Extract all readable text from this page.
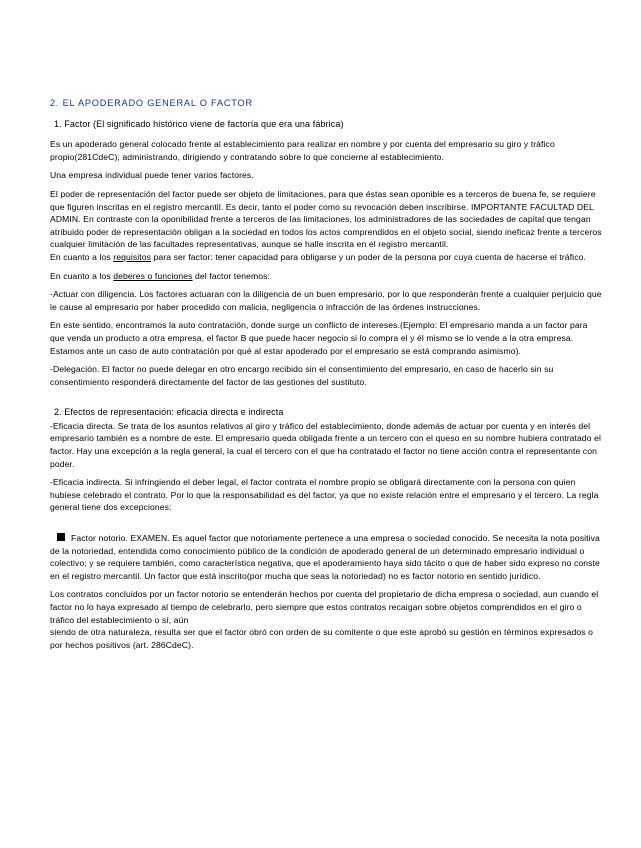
2. EL APODERADO GENERAL O FACTOR

1. Factor (El significado histórico viene de factoría que era una fábrica)

Es un apoderado general colocado frente al establecimiento para realizar en nombre y por cuenta del empresario su giro y tráfico propio(281CdeC), administrando, dirigiendo y contratando sobre lo que concierne al establecimiento.

Una empresa individual puede tener varios factores.

El poder de representación del factor puede ser objeto de limitaciones, para que éstas sean oponible es a terceros de buena fe, se requiere que figuren inscritas en el registro mercantil. Es decir, tanto el poder como su revocación deben inscribirse. IMPORTANTE FACULTAD DEL ADMIN. En contraste con la oponibilidad frente a terceros de las limitaciones, los administradores de las sociedades de capital que tengan atribuido poder de representación obligan a la sociedad en todos los actos comprendidos en el objeto social, siendo ineficaz frente a terceros cualquier limitación de las facultades representativas, aunque se halle inscrita en el registro mercantil.

En cuanto a los requisitos para ser factor: tener capacidad para obligarse y un poder de la persona por cuya cuenta de hacerse el tráfico.

En cuanto a los deberes o funciones del factor tenemos:

-Actuar con diligencia. Los factores actuaran con la diligencia de un buen empresario, por lo que responderán frente a cualquier perjuicio que le cause al empresario por haber procedido con malicia, negligencia o infracción de las órdenes instrucciones.

En este sentido, encontramos la auto contratación, donde surge un conflicto de intereses.(Ejemplo: El empresario manda a un factor para que venda un producto a otra empresa, el factor B que puede hacer negocio si lo compra el y él mismo se lo vende a la otra empresa. Estamos ante un caso de auto contratación por qué al estar apoderado por el empresario se está comprando asimismo).

-Delegación. El factor no puede delegar en otro encargo recibido sin el consentimiento del empresario, en caso de hacerlo sin su consentimiento responderá directamente del factor de las gestiones del sustituto.

2. Efectos de representación: eficacia directa e indirecta

-Eficacia directa. Se trata de los asuntos relativos al giro y tráfico del establecimiento, donde además de actuar por cuenta y en interés del empresario también es a nombre de este. El empresario queda obligada frente a un tercero con el queso en su nombre hubiera contratado el factor. Hay una excepción a la regla general, la cual el tercero con el que ha contratado el factor no tiene acción contra el representante con poder.

-Eficacia indirecta. Si infringiendo el deber legal, el factor contrata el nombre propio se obligará directamente con la persona con quien hubiese celebrado el contrato. Por lo que la responsabilidad es del factor, ya que no existe relación entre el empresario y el tercero. La regla general tiene dos excepciones:

Factor notorio. EXAMEN. Es aquel factor que notoriamente pertenece a una empresa o sociedad conocido. Se necesita la nota positiva de la notoriedad, entendida como conocimiento público de la condición de apoderado general de un determinado empresario individual o colectivo; y se requiere también, como característica negativa, que el apoderamiento haya sido tácito o que de haber sido expreso no conste en el registro mercantil. Un factor que está inscrito(por mucha que seas la notoriedad) no es factor notorio en sentido jurídico.

Los contratos concluidos por un factor notorio se entenderán hechos por cuenta del propietario de dicha empresa o sociedad, aun cuando el factor no lo haya expresado al tiempo de celebrarlo, pero siempre que estos contratos recaigan sobre objetos comprendidos en el giro o tráfico del establecimiento o sí, aún

siendo de otra naturaleza, resulta ser que el factor obró con orden de su comitente o que este aprobó su gestión en términos expresados o por hechos positivos (art. 286CdeC).
